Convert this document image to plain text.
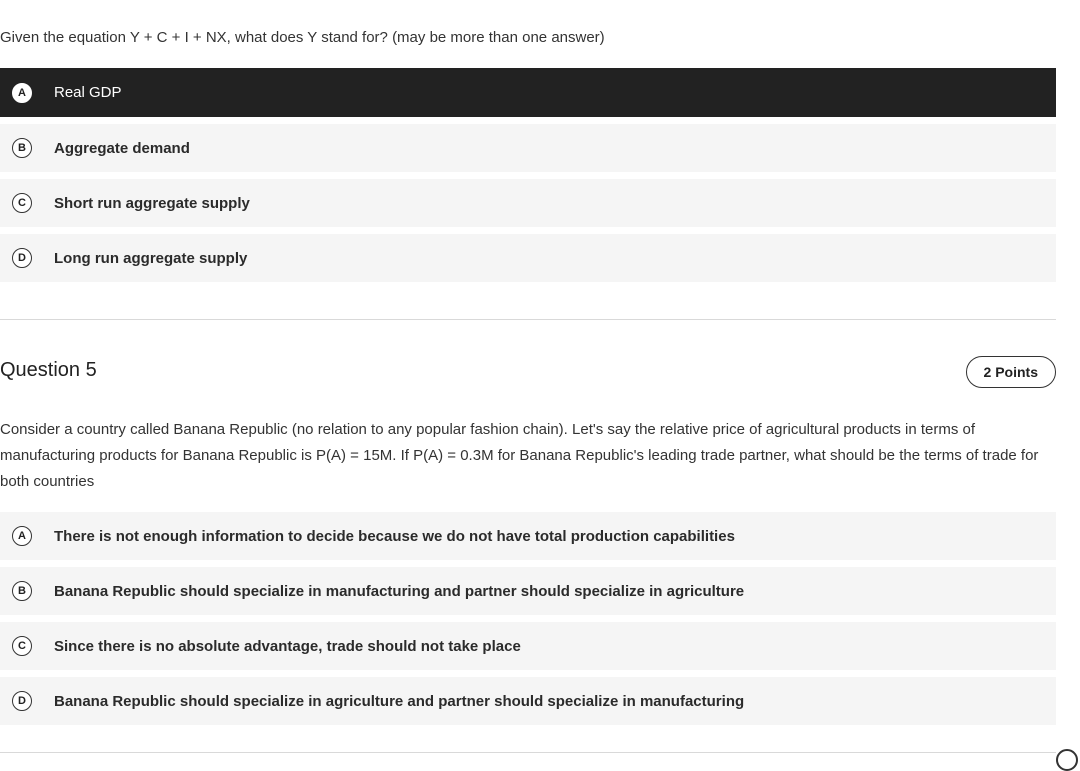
Given the equation Y + C + I + NX, what does Y stand for? (may be more than one answer)
A	Real GDP
B	Aggregate demand
C	Short run aggregate supply
D	Long run aggregate supply
Question 5	2 Points
Consider a country called Banana Republic (no relation to any popular fashion chain). Let's say the relative price of agricultural products in terms of manufacturing products for Banana Republic is P(A) = 15M. If P(A) = 0.3M for Banana Republic's leading trade partner, what should be the terms of trade for both countries
A	There is not enough information to decide because we do not have total production capabilities
B	Banana Republic should specialize in manufacturing and partner should specialize in agriculture
C	Since there is no absolute advantage, trade should not take place
D	Banana Republic should specialize in agriculture and partner should specialize in manufacturing
